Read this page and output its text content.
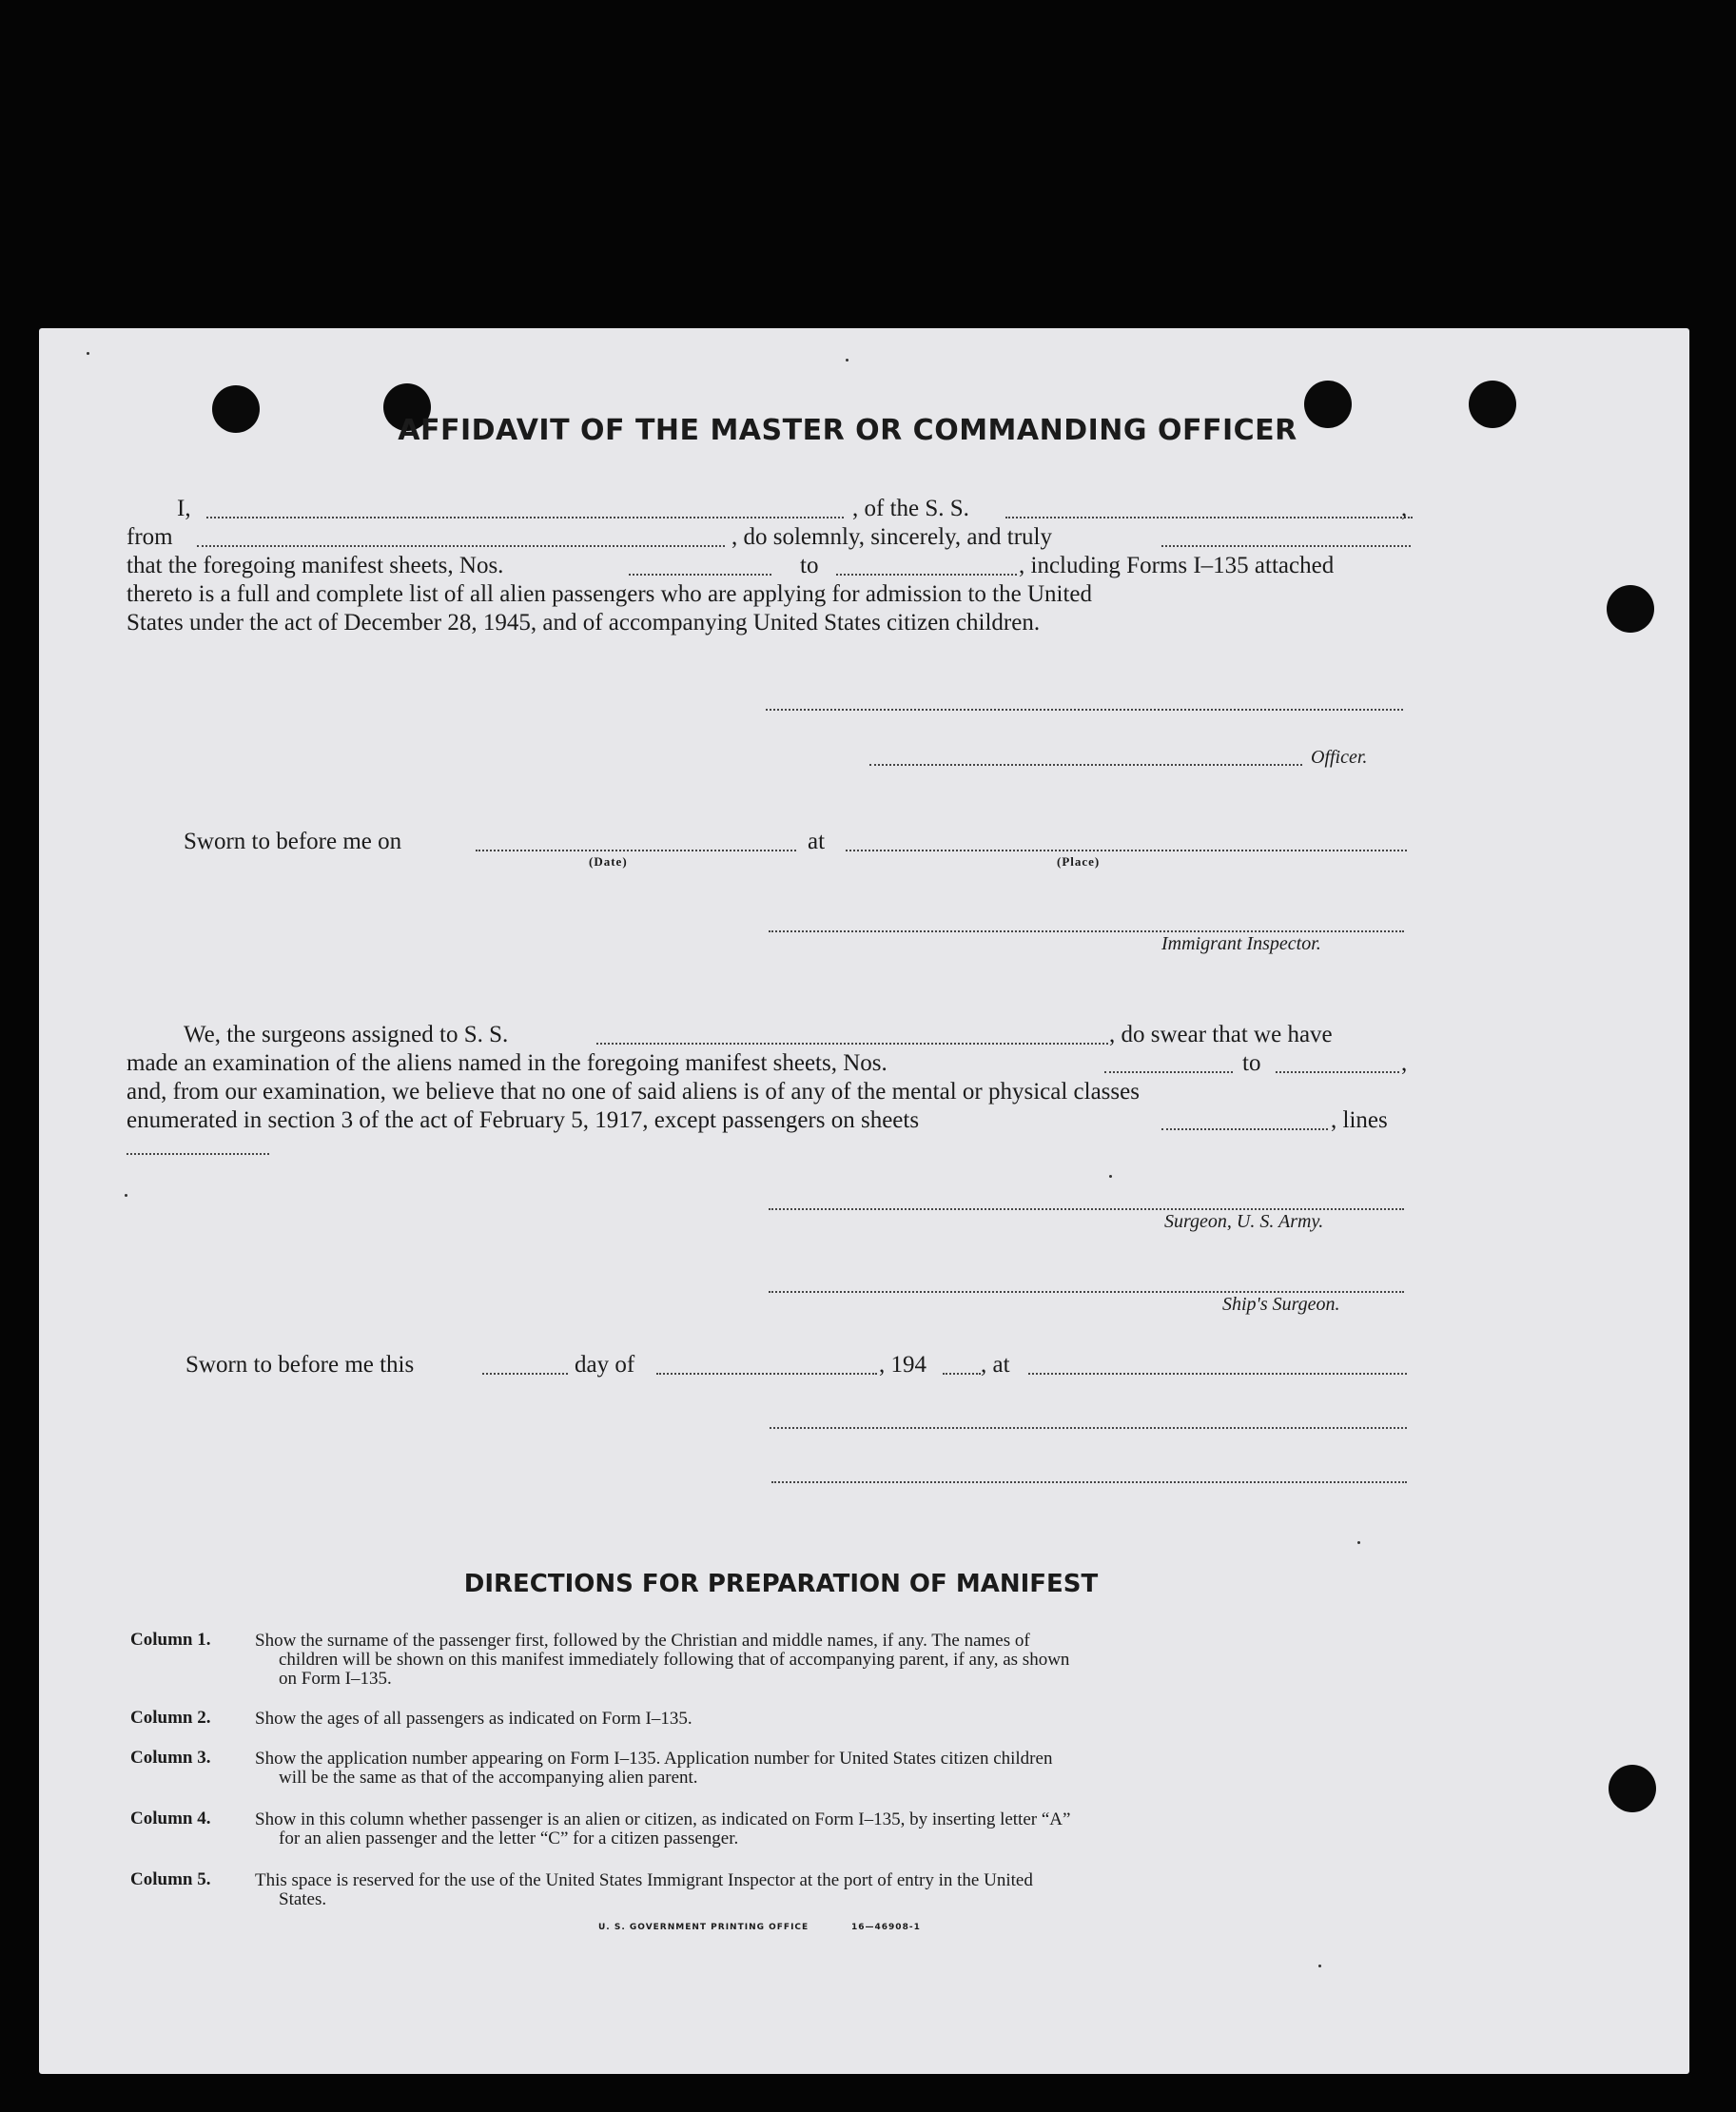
AFFIDAVIT OF THE MASTER OR COMMANDING OFFICER
I,	, of the S. S.	,
from	, do solemnly, sincerely, and truly
that the foregoing manifest sheets, Nos.	to	, including Forms I–135 attached
thereto is a full and complete list of all alien passengers who are applying for admission to the United
States under the act of December 28, 1945, and of accompanying United States citizen children.
Officer.
Sworn to before me on
(Date)
at
(Place)
Immigrant Inspector.
We, the surgeons assigned to S. S.	, do swear that we have
made an examination of the aliens named in the foregoing manifest sheets, Nos.	to	,
and, from our examination, we believe that no one of said aliens is of any of the mental or physical classes
enumerated in section 3 of the act of February 5, 1917, except passengers on sheets	, lines
Surgeon, U. S. Army.
Ship's Surgeon.
Sworn to before me this	day of	, 194 , at
DIRECTIONS FOR PREPARATION OF MANIFEST
Column 1. Show the surname of the passenger first, followed by the Christian and middle names, if any. The names of
children will be shown on this manifest immediately following that of accompanying parent, if any, as shown
on Form I–135.
Column 2. Show the ages of all passengers as indicated on Form I–135.
Column 3. Show the application number appearing on Form I–135. Application number for United States citizen children
will be the same as that of the accompanying alien parent.
Column 4. Show in this column whether passenger is an alien or citizen, as indicated on Form I–135, by inserting letter “A”
for an alien passenger and the letter “C” for a citizen passenger.
Column 5. This space is reserved for the use of the United States Immigrant Inspector at the port of entry in the United
States.
U. S. GOVERNMENT PRINTING OFFICE	16—46908-1
